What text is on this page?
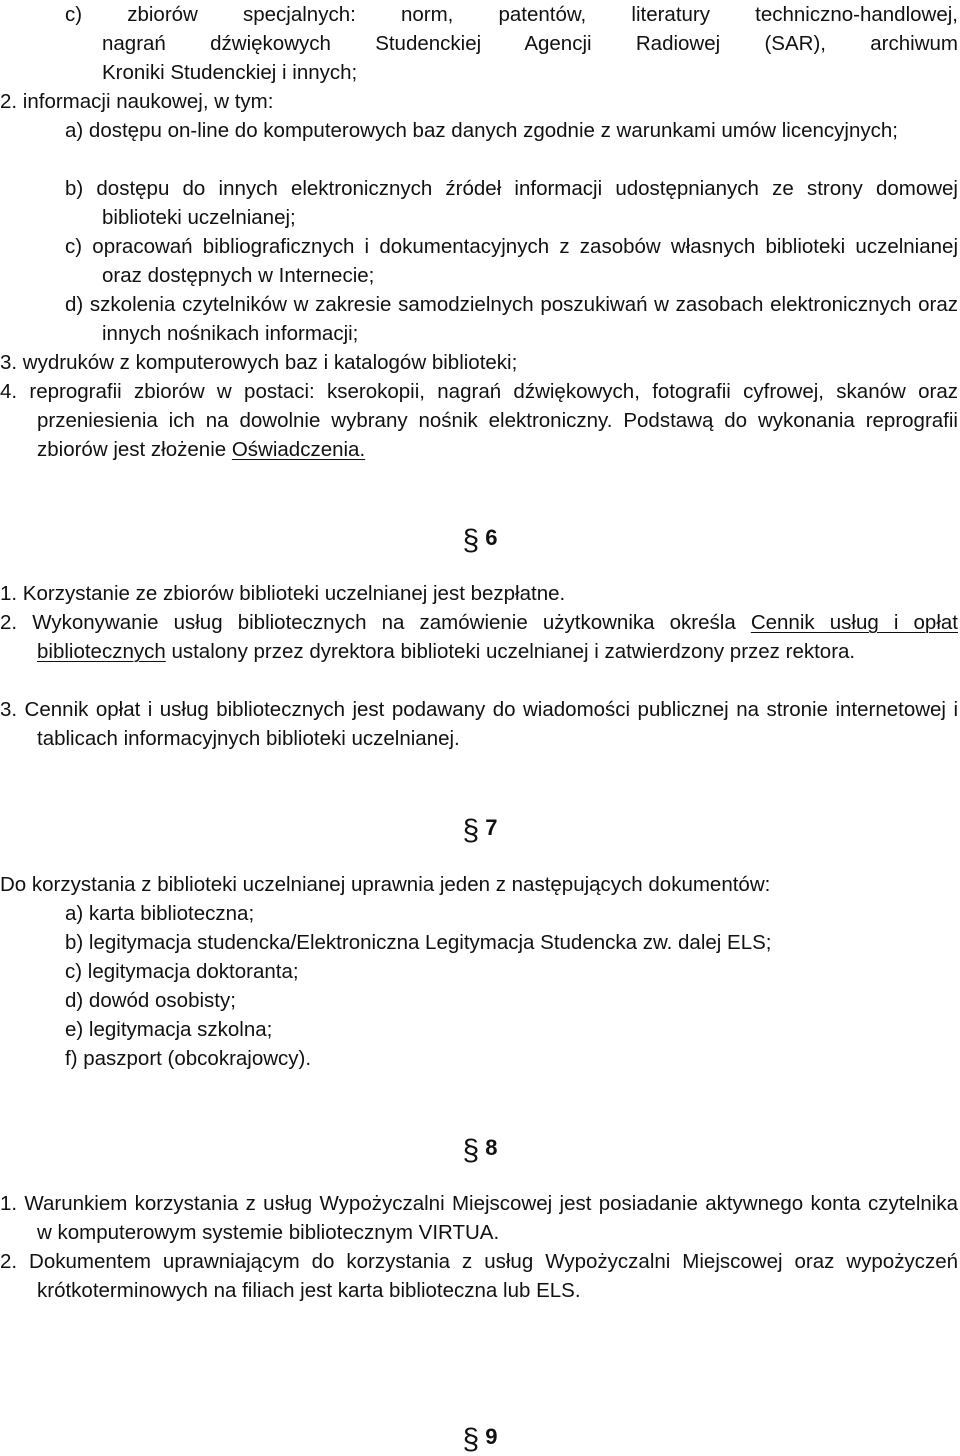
c) zbiorów specjalnych: norm, patentów, literatury techniczno-handlowej,

nagrań dźwiękowych Studenckiej Agencji Radiowej (SAR), archiwum

Kroniki Studenckiej i innych;

2. informacji naukowej, w tym:

a) dostępu on-line do komputerowych baz danych zgodnie z warunkami umów licencyjnych;

b) dostępu do innych elektronicznych źródeł informacji udostępnianych ze strony domowej biblioteki uczelnianej;

c) opracowań bibliograficznych i dokumentacyjnych z zasobów własnych biblioteki uczelnianej oraz dostępnych w Internecie;

d) szkolenia czytelników w zakresie samodzielnych poszukiwań w zasobach elektronicznych oraz innych nośnikach informacji;

3. wydruków z komputerowych baz i katalogów biblioteki;

4. reprografii zbiorów w postaci: kserokopii, nagrań dźwiękowych, fotografii cyfrowej, skanów oraz przeniesienia ich na dowolnie wybrany nośnik elektroniczny. Podstawą do wykonania reprografii zbiorów jest złożenie Oświadczenia.

§ 6

1. Korzystanie ze zbiorów biblioteki uczelnianej jest bezpłatne.

2. Wykonywanie usług bibliotecznych na zamówienie użytkownika określa Cennik usług i opłat bibliotecznych ustalony przez dyrektora biblioteki uczelnianej i zatwierdzony przez rektora.

3. Cennik opłat i usług bibliotecznych jest podawany do wiadomości publicznej na stronie internetowej i tablicach informacyjnych biblioteki uczelnianej.

§ 7

Do korzystania z biblioteki uczelnianej uprawnia jeden z następujących dokumentów:

a) karta biblioteczna;

b) legitymacja studencka/Elektroniczna Legitymacja Studencka zw. dalej ELS;

c) legitymacja doktoranta;

d) dowód osobisty;

e) legitymacja szkolna;

f) paszport (obcokrajowcy).

§ 8

1. Warunkiem korzystania z usług Wypożyczalni Miejscowej jest posiadanie aktywnego konta czytelnika w komputerowym systemie bibliotecznym VIRTUA.

2. Dokumentem uprawniającym do korzystania z usług Wypożyczalni Miejscowej oraz wypożyczeń krótkoterminowych na filiach jest karta biblioteczna lub ELS.

§ 9
